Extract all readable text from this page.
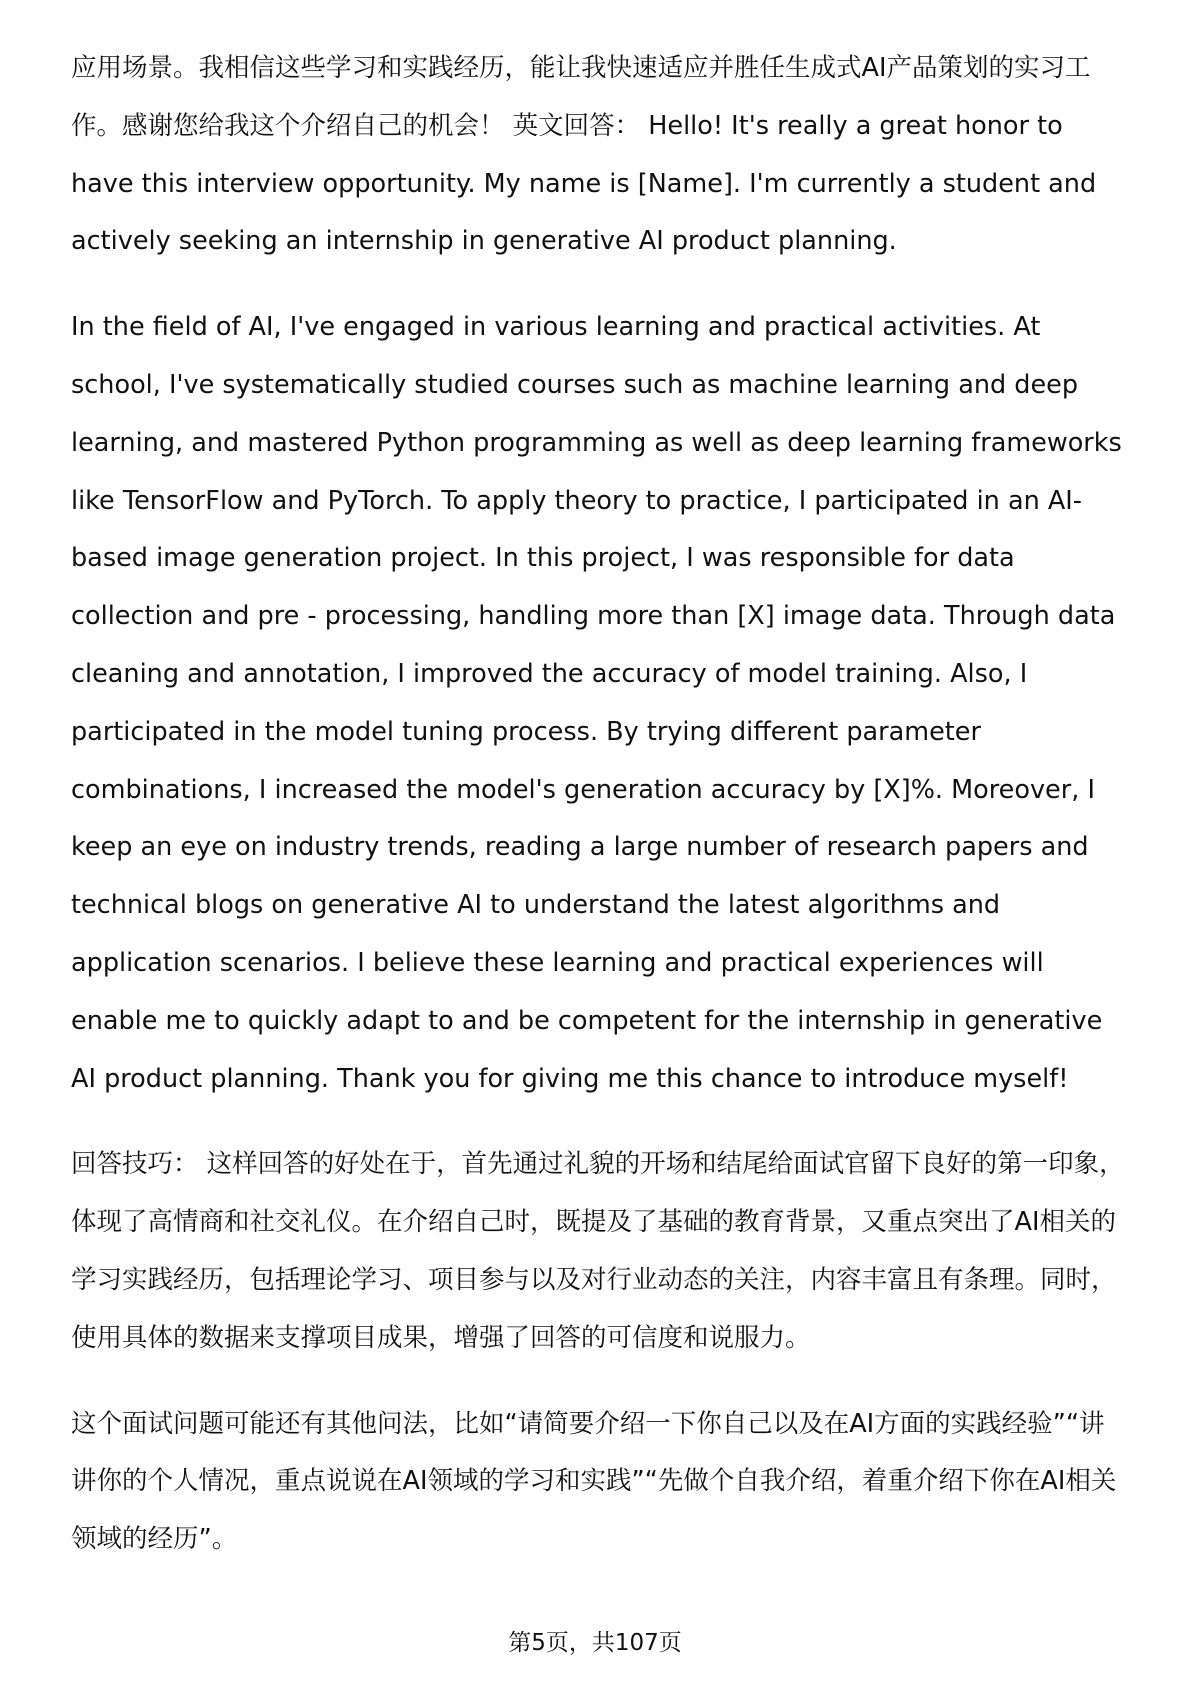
应用场景。我相信这些学习和实践经历，能让我快速适应并胜任生成式AI产品策划的实习工作。感谢您给我这个介绍自己的机会！ 英文回答： Hello! It's really a great honor to have this interview opportunity. My name is [Name]. I'm currently a student and actively seeking an internship in generative AI product planning.

In the field of AI, I've engaged in various learning and practical activities. At school, I've systematically studied courses such as machine learning and deep learning, and mastered Python programming as well as deep learning frameworks like TensorFlow and PyTorch. To apply theory to practice, I participated in an AI-based image generation project. In this project, I was responsible for data collection and pre - processing, handling more than [X] image data. Through data cleaning and annotation, I improved the accuracy of model training. Also, I participated in the model tuning process. By trying different parameter combinations, I increased the model's generation accuracy by [X]%. Moreover, I keep an eye on industry trends, reading a large number of research papers and technical blogs on generative AI to understand the latest algorithms and application scenarios. I believe these learning and practical experiences will enable me to quickly adapt to and be competent for the internship in generative AI product planning. Thank you for giving me this chance to introduce myself!

回答技巧： 这样回答的好处在于，首先通过礼貌的开场和结尾给面试官留下良好的第一印象，体现了高情商和社交礼仪。在介绍自己时，既提及了基础的教育背景，又重点突出了AI相关的学习实践经历，包括理论学习、项目参与以及对行业动态的关注，内容丰富且有条理。同时，使用具体的数据来支撑项目成果，增强了回答的可信度和说服力。

这个面试问题可能还有其他问法，比如“请简要介绍一下你自己以及在AI方面的实践经验”“讲讲你的个人情况，重点说说在AI领域的学习和实践”“先做个自我介绍，着重介绍下你在AI相关领域的经历”。

第5页，共107页
